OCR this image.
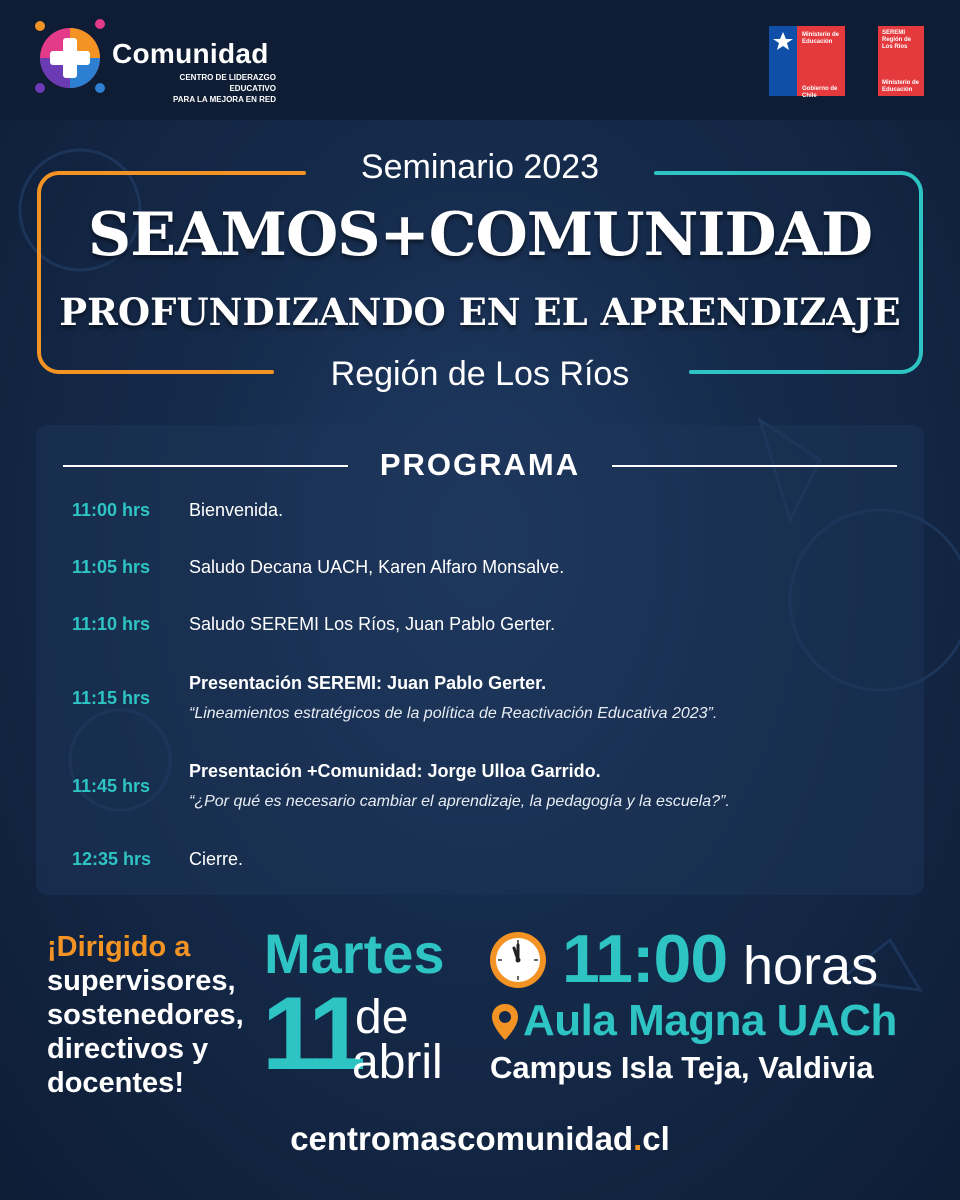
Comunidad
CENTRO DE LIDERAZGO EDUCATIVO
PARA LA MEJORA EN RED
Ministerio de
Educación
Gobierno de Chile
SEREMI
Región de
Los Ríos
Ministerio de
Educación
Seminario 2023
SEAMOS+COMUNIDAD
PROFUNDIZANDO EN EL APRENDIZAJE
Región de Los Ríos
PROGRAMA
11:00 hrs Bienvenida.
11:05 hrs Saludo Decana UACH, Karen Alfaro Monsalve.
11:10 hrs Saludo SEREMI Los Ríos, Juan Pablo Gerter.
11:15 hrs
Presentación SEREMI: Juan Pablo Gerter.
“Lineamientos estratégicos de la política de Reactivación Educativa 2023”.
11:45 hrs
Presentación +Comunidad: Jorge Ulloa Garrido.
“¿Por qué es necesario cambiar el aprendizaje, la pedagogía y la escuela?”.
12:35 hrs Cierre.
¡Dirigido a
supervisores,
sostenedores,
directivos y
docentes!
Martes
11
de
abril
11:00 horas
Aula Magna UACh
Campus Isla Teja, Valdivia
centromascomunidad.cl
